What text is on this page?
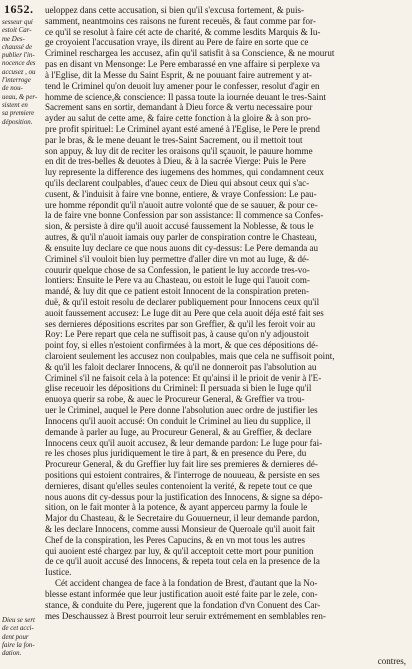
1652.
sesseur qui
estoit Car-
me Des-
chaussé de
publier l'in-
nocence des
accusez , ou
l'interroge
de nou-
ueau, & per-
sistent en
sa premiere
déposition.
Dieu se sert
de cet acci-
dent pour
faire la fon-
dation.
ueloppez dans cette accusation, si bien qu'il s'excusa fortement, & puis-
samment, neantmoins ces raisons ne furent receuës, & faut comme par for-
ce qu'il se resolut à faire cét acte de charité, & comme lesdits Marquis & Iu-
ge croyoient l'accusation vraye, ils dirent au Pere de faire en sorte que ce
Criminel reschargea les accusez, afin qu'il satisfit à sa Conscience, & ne mourut
pas en disant vn Mensonge: Le Pere embarassé en vne affaire si perplexe va
à l'Eglise, dit la Messe du Saint Esprit, & ne pouuant faire autrement y at-
tend le Criminel qu'on deuoit luy amener pour le confesser, resolut d'agir en
homme de science,& conscience: Il passa toute la iournée deuant le tres-Saint
Sacrement sans en sortir, demandant à Dieu force & vertu necessaire pour
ayder au salut de cette ame, & faire cette fonction à la gloire & à son pro-
pre profit spirituel: Le Criminel ayant esté amené à l'Eglise, le Pere le prend
par le bras, & le mene deuant le tres-Saint Sacrement, ou il mettoit tout
son appuy, & luy dit de reciter les oraisons qu'il sçauoit, le pauure homme
en dit de tres-belles & deuotes à Dieu, & à la sacrée Vierge: Puis le Pere
luy represente la difference des iugemens des hommes, qui condamnent ceux
qu'ils declarent coulpables, d'auec ceux de Dieu qui absout ceux qui s'ac-
cusent, & l'induisit à faire vne bonne, entiere, & vraye Confession: Le pau-
ure homme répondit qu'il n'auoit autre volonté que de se sauuer, & pour ce-
la de faire vne bonne Confession par son assistance: Il commence sa Confes-
sion, & persiste à dire qu'il auoit accusé faussement la Noblesse, & tous le
autres, & qu'il n'auoit iamais ouy parler de conspiration contre le Chasteau,
& ensuite luy declare ce que nous auons dit cy-dessus: Le Pere demanda au
Criminel s'il vouloit bien luy permettre d'aller dire vn mot au Iuge, & dé-
couurir quelque chose de sa Confession, le patient le luy accorde tres-vo-
lontiers: Ensuite le Pere va au Chasteau, ou estoit le Iuge qui l'auoit com-
mandé, & luy dit que ce patient estoit Innocent de la conspiration preten-
duë, & qu'il estoit resolu de declarer publiquement pour Innocens ceux qu'il
auoit faussement accusez: Le Iuge dit au Pere que cela auoit déja esté fait ses
ses dernieres dépositions escrites par son Greffier, & qu'il les feroit voir au
Roy: Le Pere repart que cela ne suffisoit pas, à cause qu'on n'y adjoustoit
point foy, si elles n'estoient confirmées à la mort, & que ces dépositions dé-
claroient seulement les accusez non coulpables, mais que cela ne suffisoit point,
& qu'il les faloit declarer Innocens, & qu'il ne donneroit pas l'absolution au
Criminel s'il ne faisoit cela à la potence: Et qu'ainsi il le prioit de venir à l'E-
glise receuoir les dépositions du Criminel: Il persuada si bien le Iuge qu'il
enuoya querir sa robe, & auec le Procureur General, & Greffier va trou-
uer le Criminel, auquel le Pere donne l'absolution auec ordre de justifier les
Innocens qu'il auoit accusé: On conduit le Criminel au lieu du supplice, il
demande à parler au Iuge, au Procureur General, & au Greffier, & declare
Innocens ceux qu'il auoit accusez, & leur demande pardon: Le Iuge pour fai-
re les choses plus juridiquement le tire à part, & en presence du Pere, du
Procureur General, & du Greffier luy fait lire ses premieres & dernieres dé-
positions qui estoient contraires, & l'interroge de nouueau, & persiste en ses
dernieres, disant qu'elles seules contenoient la verité, & repete tout ce que
nous auons dit cy-dessus pour la justification des Innocens, & signe sa dépo-
sition, on le fait monter à la potence, & ayant apperceu parmy la foule le
Major du Chasteau, & le Secretaire du Gouuerneur, il leur demande pardon,
& les declare Innocens, comme aussi Monsieur de Queroale qu'il auoit fait
Chef de la conspiration, les Peres Capucins, & en vn mot tous les autres
qui auoient esté chargez par luy, & qu'il acceptoit cette mort pour punition
de ce qu'il auoit accusé des Innocens, & repeta tout cela en la presence de la
Iustice.
Cét accident changea de face à la fondation de Brest, d'autant que la No-
blesse estant informée que leur justification auoit esté faite par le zele, con-
stance, & conduite du Pere, jugerent que la fondation d'vn Conuent des Car-
mes Deschaussez à Brest pourroit leur seruir extrémement en semblables ren-
contres,
